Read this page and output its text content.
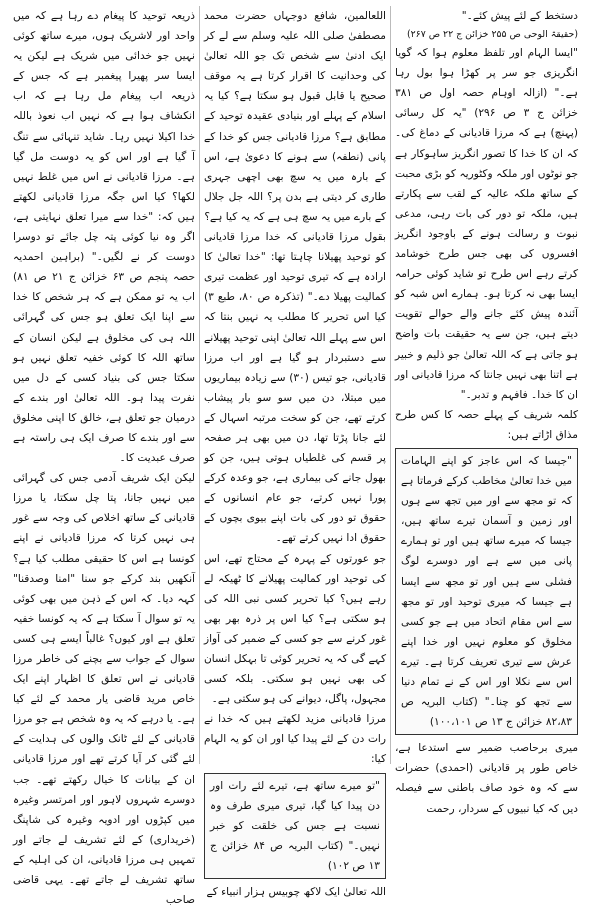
دستخط کے لئے پیش کئے۔"

(حقیقۃ الوحی ص ۲۵۵ خزائن ج ۲۲ ص ۲۶۷)

"ایسا الہام اور تلفظ معلوم ہوا کہ گویا انگریزی جو سر پر کھڑا ہوا بول رہا ہے۔" (ازالہ اوہام حصہ اول ص ۳۸۱ خزائن ج ۳ ص ۲۹۶) "یہ کل رسائی (پہنچ) ہے کہ مرزا قادیانی کے دماغ کی۔ کہ ان کا خدا کا تصور انگریز ساہوکار ہے جو نوٹوں اور ملکہ وکٹوریہ کو بڑی محبت کے ساتھ ملکہ عالیہ کے لقب سے پکارتے ہیں، ملکہ تو دور کی بات رہی، مدعی نبوت و رسالت ہونے کے باوجود انگریز افسروں کی بھی جس طرح خوشامد کرتے رہے اس طرح تو شاید کوئی حرامہ ایسا بھی نہ کرتا ہو۔ ہمارے اس شبہ کو آئندہ پیش کئے جانے والے حوالے تقویت دیتے ہیں، جن سے یہ حقیقت بات واضح ہو جاتی ہے کہ اللہ تعالیٰ جو ذلیم و خبیر ہے اتنا بھی نہیں جانتا کہ مرزا قادیانی اور ان کا خدا۔ فافہم و تدبر۔"

کلمہ شریف کے پہلے حصہ کا کس طرح مذاق اڑاتے ہیں:

"جیسا کہ اس عاجز کو اپنے الہامات میں خدا تعالیٰ مخاطب کرکے فرماتا ہے کہ تو مجھ سے اور میں تجھ سے ہوں اور زمین و آسمان تیرے ساتھ ہیں، جیسا کہ میرے ساتھ ہیں اور تو ہمارے پانی میں سے ہے اور دوسرے لوگ فشلی سے ہیں اور تو مجھ سے ایسا ہے جیسا کہ میری توحید اور تو مجھ سے اس مقام اتحاد میں ہے جو کسی مخلوق کو معلوم نہیں اور خدا اپنے عرش سے تیری تعریف کرتا ہے۔ تیرے اس سے نکلا اور اس کے نے تمام دنیا سے تجھ کو چنا۔" (کتاب البریہ ص ۸۲،۸۳ خزائن ج ۱۳ ص ۱۰۰،۱۰۱)

میری برحاصب ضمیر سے استدعا ہے، خاص طور پر قادیانی (احمدی) حضرات سے کہ وہ خود صاف باطنی سے فیصلہ دیں کہ کیا نبیوں کے سردار، رحمت

اللعالمین، شافع دوجہاں حضرت محمد مصطفیٰ صلی اللہ علیہ وسلم سے لے کر ایک ادنیٰ سے شخص تک جو اللہ تعالیٰ کی وحدانیت کا اقرار کرتا ہے یہ موقف صحیح یا قابل قبول ہو سکتا ہے؟ کیا یہ اسلام کے پہلے اور بنیادی عقیدہ توحید کے مطابق ہے؟ مرزا قادیانی جس کو خدا کے پانی (نطفہ) سے ہونے کا دعویٰ ہے، اس کے بارہ میں یہ سچ بھی اچھی جہری طاری کر دیتی ہے بدن پر؟ اللہ جل جلال کے بارے میں یہ سچ ہی ہے کہ یہ کیا ہے؟

بقول مرزا قادیانی کہ خدا مرزا قادیانی کو توحید پھیلانا چاہتا تھا: "خدا تعالیٰ کا ارادہ ہے کہ تیری توحید اور عظمت تیری کمالیت پھیلا دے۔" (تذکرہ ص ۸۰، طبع ۳) کیا اس تحریر کا مطلب یہ نہیں بنتا کہ اس سے پہلے اللہ تعالیٰ اپنی توحید پھیلانے سے دستبردار ہو گیا ہے اور اب مرزا قادیانی، جو تیس (۳۰) سے زیادہ بیماریوں میں مبتلا، دن میں سو سو بار پیشاب کرتے تھے، جن کو سخت مرتبہ اسہال کے لئے جانا پڑتا تھا، دن میں بھی ہر صفحہ پر قسم کی غلطیاں ہوتی ہیں، جن کو بھول جانے کی بیماری ہے، جو وعدہ کرکے پورا نہیں کرتے، جو عام انسانوں کے حقوق تو دور کی بات اپنے بیوی بچوں کے حقوق ادا نہیں کرتے تھے۔

جو عورتوں کے پہرہ کے محتاج تھے، اس کی توحید اور کمالیت پھیلانے کا ٹھیکہ لے رہے ہیں؟ کیا تحریر کسی نبی اللہ کی ہو سکتی ہے؟ کیا اس پر ذرہ بھر بھی غور کرنے سے جو کسی کے ضمیر کی آواز کہے گی کہ یہ تحریر کوئی تا بہکل انسان کی بھی نہیں ہو سکتی۔ بلکہ کسی مجہول، پاگل، دیوانے کی ہو سکتی ہے۔

مرزا قادیانی مزید لکھتے ہیں کہ خدا نے رات دن کے لئے پیدا کیا اور ان کو یہ الہام کیا:

"تو میرے ساتھ ہے، تیرے لئے رات اور دن پیدا کیا گیا، تیری میری طرف وہ نسبت ہے جس کی خلقت کو خبر نہیں۔" (کتاب البریہ ص ۸۴ خزائن ج ۱۳ ص ۱۰۲)

اللہ تعالیٰ ایک لاکھ چوبیس ہزار انبیاء کے

ذریعہ توحید کا پیغام دے رہا ہے کہ میں واحد اور لاشریک ہوں، میرے ساتھ کوئی نہیں جو خدائی میں شریک ہے لیکن یہ ایسا سر پھیرا پیغمبر ہے کہ جس کے ذریعہ اب پیغام مل رہا ہے کہ اب انکشاف ہوا ہے کہ نہیں اب نعوذ باللہ خدا اکیلا نہیں رہا۔ شاید تنہائی سے تنگ آ گیا ہے اور اس کو یہ دوست مل گیا ہے۔ مرزا قادیانی نے اس میں غلط نہیں لکھا؟ کیا اس جگہ مرزا قادیانی لکھتے ہیں کہ: "خدا سے میرا تعلق نہایتی ہے، اگر وہ نیا کوئی پتہ چل جائے تو دوسرا دوست کر نے لگیں۔" (براہین احمدیہ حصہ پنجم ص ۶۳ خزائن ج ۲۱ ص ۸۱) اب یہ تو ممکن ہے کہ ہر شخص کا خدا سے اپنا ایک تعلق ہو جس کی گہرائی اللہ ہی کی مخلوق ہے لیکن انسان کے ساتھ اللہ کا کوئی خفیہ تعلق نہیں ہو سکتا جس کی بنیاد کسی کے دل میں نفرت پیدا ہو۔ اللہ تعالیٰ اور بندے کے درمیان جو تعلق ہے، خالق کا اپنی مخلوق سے اور بندے کا صرف ایک ہی راستہ ہے صرف عبدیت کا۔

لیکن ایک شریف آدمی جس کی گہرائی میں نہیں جانا، پتا چل سکتا، یا مرزا قادیانی کے ساتھ اخلاص کی وجہ سے غور ہی نہیں کرتا کہ مرزا قادیانی نے اپنے کونسا ہے اس کا حقیقی مطلب کیا ہے؟ آنکھیں بند کرکے جو سنا "امنا وصدقنا" کہہ دیا۔ کہ اس کے ذہن میں بھی کوئی یہ تو سوال آ سکتا ہے کہ یہ کونسا خفیہ تعلق ہے اور کیوں؟ غالباً ایسے ہی کسی سوال کے جواب سے بچنے کی خاطر مرزا قادیانی نے اس تعلق کا اظہار اپنے ایک خاص مرید قاضی یار محمد کے لئے کیا ہے۔ یا درہے کہ یہ وہ شخص ہے جو مرزا قادیانی کے لئے ٹانک والوں کی ہدایت کے لئے گئی کر آیا کرتے تھے اور مرزا قادیانی ان کے بیانات کا خیال رکھتے تھے۔ جب دوسرے شہروں لاہور اور امرتسر وغیرہ میں کپڑوں اور ادویہ وغیرہ کی شاپنگ (خریداری) کے لئے تشریف لے جاتے اور تمہیں ہی مرزا قادیانی، ان کی اہلیہ کے ساتھ تشریف لے جاتے تھے۔ یہی قاضی صاحب
